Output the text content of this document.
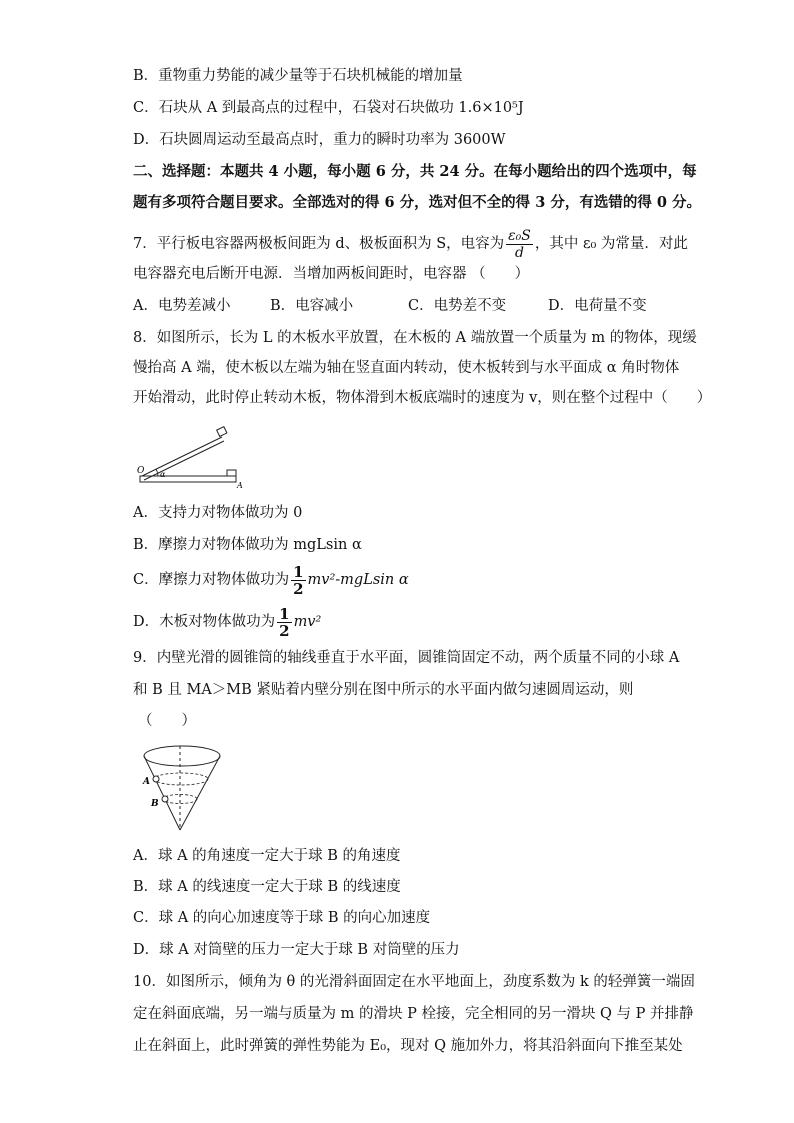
B．重物重力势能的减少量等于石块机械能的增加量
C．石块从 A 到最高点的过程中，石袋对石块做功 1.6×10⁵J
D．石块圆周运动至最高点时，重力的瞬时功率为 3600W
二、选择题：本题共 4 小题，每小题 6 分，共 24 分。在每小题给出的四个选项中，每
题有多项符合题目要求。全部选对的得 6 分，选对但不全的得 3 分，有选错的得 0 分。
7．平行板电容器两极板间距为 d、极板面积为 S，电容为 $\frac{\text{ε₀S}}{d}$ ，其中 ε₀ 为常量．对此
电容器充电后断开电源．当增加两板间距时，电容器 （　　）
A．电势差减小	B．电容减小	C．电势差不变	D．电荷量不变
8．如图所示，长为 L 的木板水平放置，在木板的 A 端放置一个质量为 m 的物体，现缓
慢抬高 A 端，使木板以左端为轴在竖直面内转动，使木板转到与水平面成 α 角时物体
开始滑动，此时停止转动木板，物体滑到木板底端时的速度为 v，则在整个过程中（　　）
O α
A
A．支持力对物体做功为 0
B．摩擦力对物体做功为 mgLsin α
C．摩擦力对物体做功为 $\frac{1}{2} mv^2-mgLsin$ α
D．木板对物体做功为 $\frac{1}{2} mv^2$
9．内壁光滑的圆锥筒的轴线垂直于水平面，圆锥筒固定不动，两个质量不同的小球 A
和 B 且 MA＞MB 紧贴着内壁分别在图中所示的水平面内做匀速圆周运动，则
（　　）
A
B
A．球 A 的角速度一定大于球 B 的角速度
B．球 A 的线速度一定大于球 B 的线速度
C．球 A 的向心加速度等于球 B 的向心加速度
D．球 A 对筒壁的压力一定大于球 B 对筒壁的压力
10．如图所示，倾角为 θ 的光滑斜面固定在水平地面上，劲度系数为 k 的轻弹簧一端固
定在斜面底端，另一端与质量为 m 的滑块 P 栓接，完全相同的另一滑块 Q 与 P 并排静
止在斜面上，此时弹簧的弹性势能为 E₀，现对 Q 施加外力，将其沿斜面向下推至某处
